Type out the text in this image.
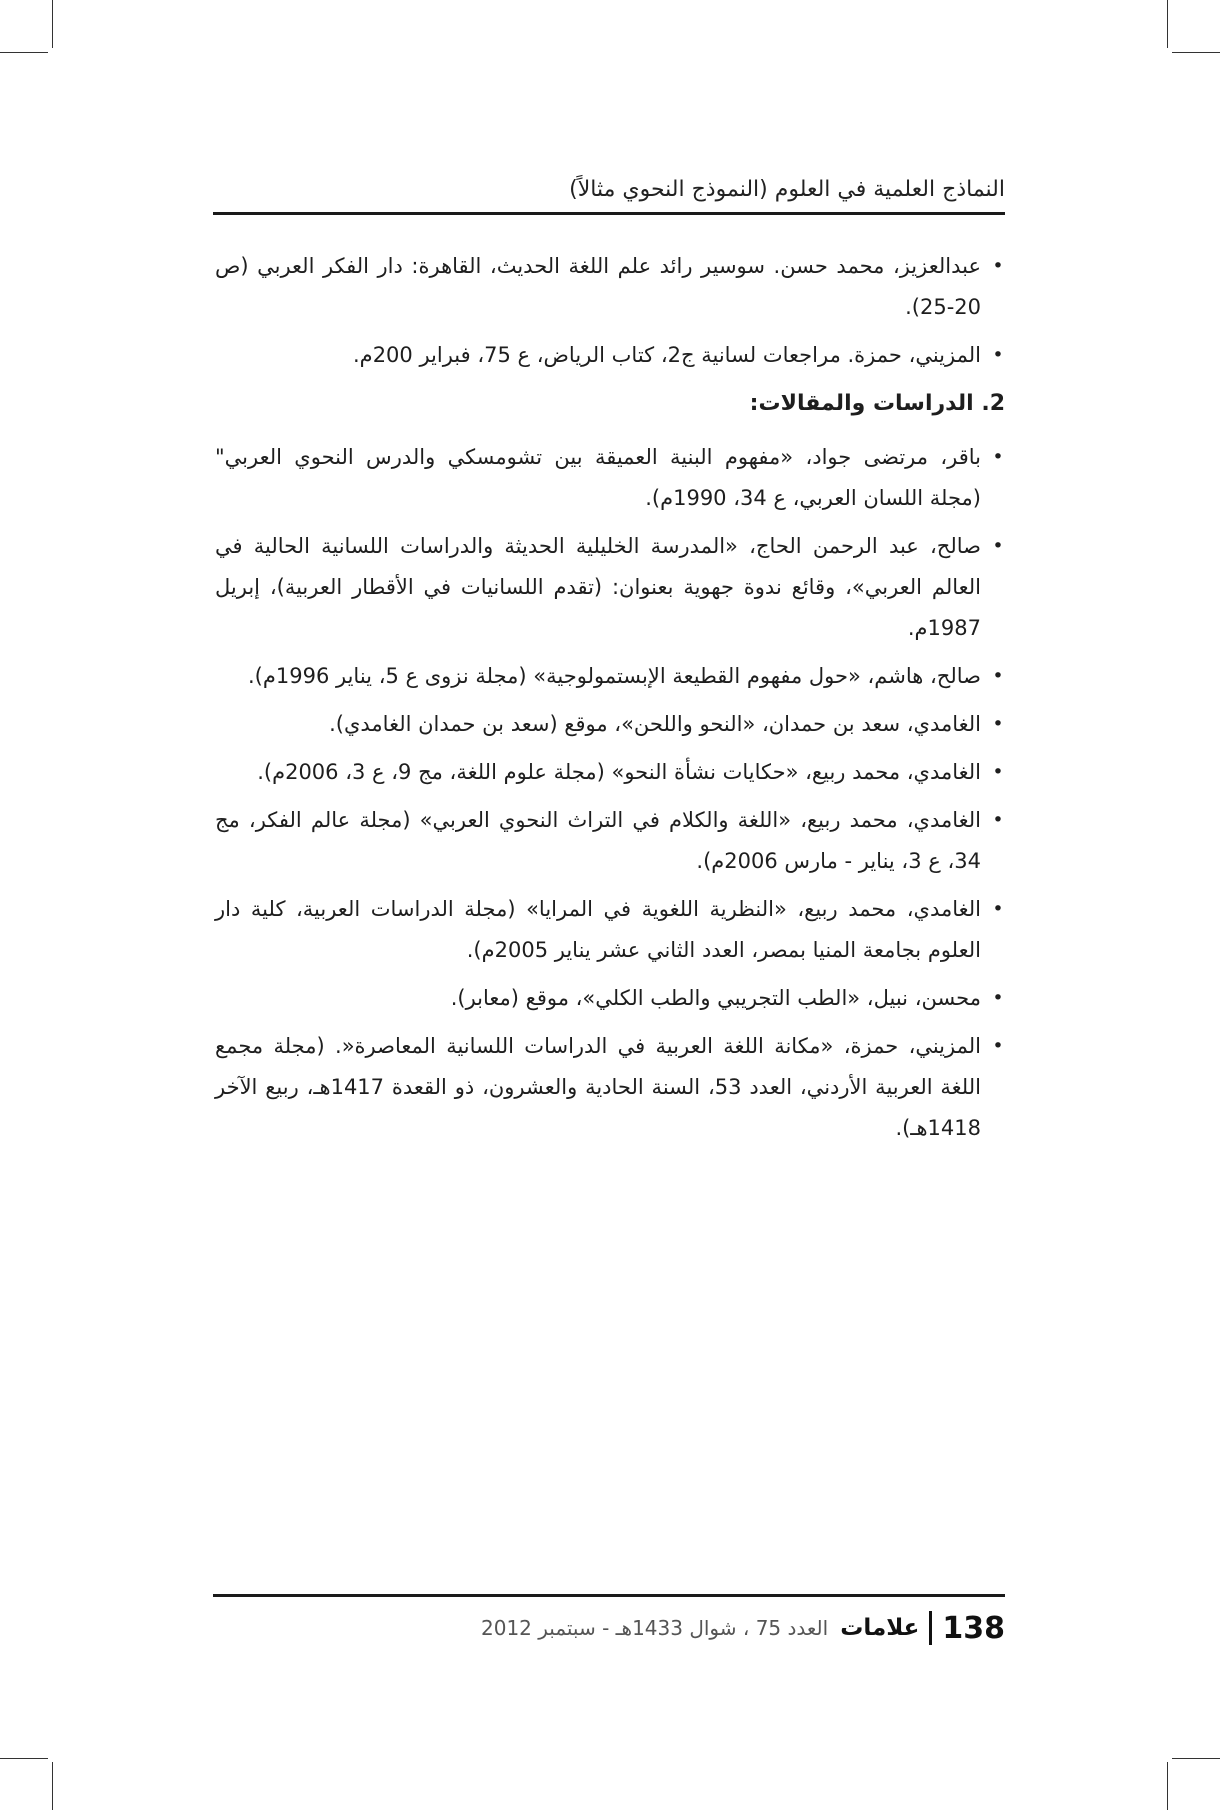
النماذج العلمية في العلوم (النموذج النحوي مثالاً)
•
عبدالعزيز، محمد حسن. سوسير رائد علم اللغة الحديث، القاهرة: دار الفكر العربي (ص 20-25).
•
المزيني، حمزة. مراجعات لسانية ج2، كتاب الرياض، ع 75، فبراير 200م.
2. الدراسات والمقالات:
•
باقر، مرتضى جواد، «مفهوم البنية العميقة بين تشومسكي والدرس النحوي العربي" (مجلة اللسان العربي، ع 34، 1990م).
•
صالح، عبد الرحمن الحاج، «المدرسة الخليلية الحديثة والدراسات اللسانية الحالية في العالم العربي»، وقائع ندوة جهوية بعنوان: (تقدم اللسانيات في الأقطار العربية)، إبريل 1987م.
•
صالح، هاشم، «حول مفهوم القطيعة الإبستمولوجية» (مجلة نزوى ع 5، يناير 1996م).
•
الغامدي، سعد بن حمدان، «النحو واللحن»، موقع (سعد بن حمدان الغامدي).
•
الغامدي، محمد ربيع، «حكايات نشأة النحو» (مجلة علوم اللغة، مج 9، ع 3، 2006م).
•
الغامدي، محمد ربيع، «اللغة والكلام في التراث النحوي العربي» (مجلة عالم الفكر، مج 34، ع 3، يناير - مارس 2006م).
•
الغامدي، محمد ربيع، «النظرية اللغوية في المرايا» (مجلة الدراسات العربية، كلية دار العلوم بجامعة المنيا بمصر، العدد الثاني عشر يناير 2005م).
•
محسن، نبيل، «الطب التجريبي والطب الكلي»، موقع (معابر).
•
المزيني، حمزة، «مكانة اللغة العربية في الدراسات اللسانية المعاصرة«. (مجلة مجمع اللغة العربية الأردني، العدد 53، السنة الحادية والعشرون، ذو القعدة 1417هـ، ربيع الآخر 1418هـ).
138
علامات
العدد 75 ، شوال 1433هـ - سبتمبر 2012
